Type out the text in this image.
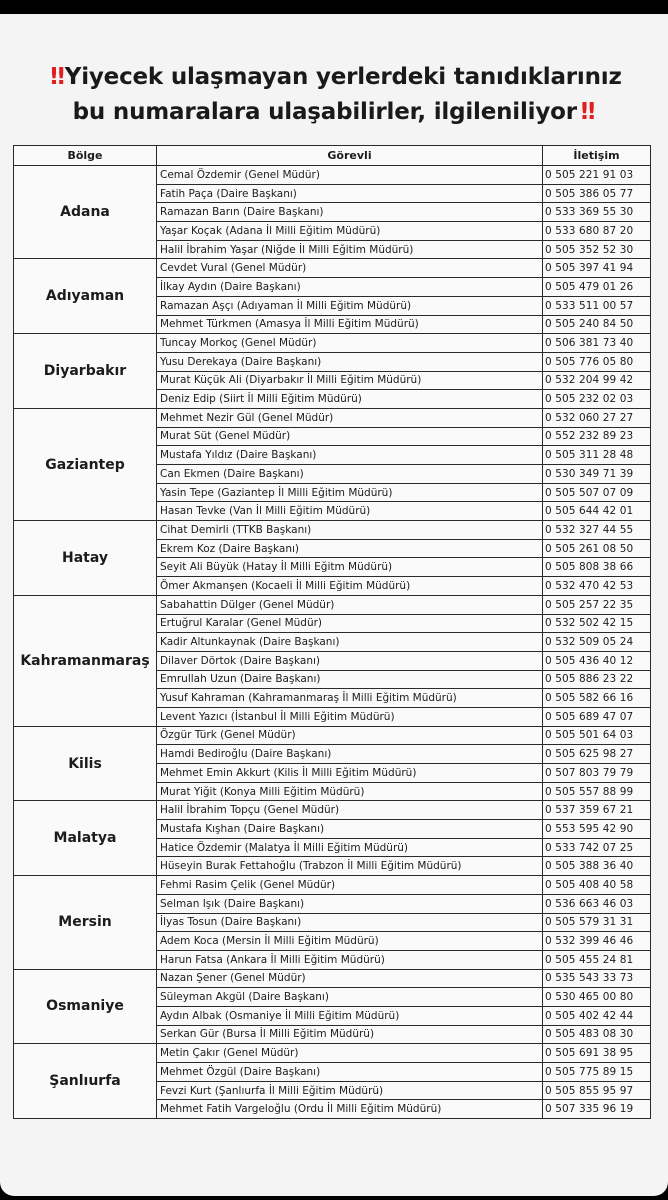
‼ Yiyecek ulaşmayan yerlerdeki tanıdıklarınız
bu numaralara ulaşabilirler, ilgileniliyor ‼
Bölge	Görevli	İletişim
Adana	Cemal Özdemir (Genel Müdür)	0 505 221 91 03
	Fatih Paça (Daire Başkanı)	0 505 386 05 77
	Ramazan Barın (Daire Başkanı)	0 533 369 55 30
	Yaşar Koçak (Adana İl Milli Eğitim Müdürü)	0 533 680 87 20
	Halil İbrahim Yaşar (Niğde İl Milli Eğitim Müdürü)	0 505 352 52 30
Adıyaman	Cevdet Vural (Genel Müdür)	0 505 397 41 94
	İlkay Aydın (Daire Başkanı)	0 505 479 01 26
	Ramazan Aşçı (Adıyaman İl Milli Eğitim Müdürü)	0 533 511 00 57
	Mehmet Türkmen (Amasya İl Milli Eğitim Müdürü)	0 505 240 84 50
Diyarbakır	Tuncay Morkoç (Genel Müdür)	0 506 381 73 40
	Yusu Derekaya (Daire Başkanı)	0 505 776 05 80
	Murat Küçük Ali (Diyarbakır İl Milli Eğitim Müdürü)	0 532 204 99 42
	Deniz Edip (Siirt İl Milli Eğitim Müdürü)	0 505 232 02 03
Gaziantep	Mehmet Nezir Gül (Genel Müdür)	0 532 060 27 27
	Murat Süt (Genel Müdür)	0 552 232 89 23
	Mustafa Yıldız (Daire Başkanı)	0 505 311 28 48
	Can Ekmen (Daire Başkanı)	0 530 349 71 39
	Yasin Tepe (Gaziantep İl Milli Eğitim Müdürü)	0 505 507 07 09
	Hasan Tevke (Van İl Milli Eğitim Müdürü)	0 505 644 42 01
Hatay	Cihat Demirli (TTKB Başkanı)	0 532 327 44 55
	Ekrem Koz (Daire Başkanı)	0 505 261 08 50
	Seyit Ali Büyük (Hatay İl Milli Eğitm Müdürü)	0 505 808 38 66
	Ömer Akmanşen (Kocaeli İl Milli Eğitim Müdürü)	0 532 470 42 53
Kahramanmaraş	Sabahattin Dülger (Genel Müdür)	0 505 257 22 35
	Ertuğrul Karalar (Genel Müdür)	0 532 502 42 15
	Kadir Altunkaynak (Daire Başkanı)	0 532 509 05 24
	Dilaver Dörtok (Daire Başkanı)	0 505 436 40 12
	Emrullah Uzun (Daire Başkanı)	0 505 886 23 22
	Yusuf Kahraman (Kahramanmaraş İl Milli Eğitim Müdürü)	0 505 582 66 16
	Levent Yazıcı (İstanbul İl Milli Eğitim Müdürü)	0 505 689 47 07
Kilis	Özgür Türk (Genel Müdür)	0 505 501 64 03
	Hamdi Bediroğlu (Daire Başkanı)	0 505 625 98 27
	Mehmet Emin Akkurt (Kilis İl Milli Eğitim Müdürü)	0 507 803 79 79
	Murat Yiğit (Konya Milli Eğitim Müdürü)	0 505 557 88 99
Malatya	Halil İbrahim Topçu (Genel Müdür)	0 537 359 67 21
	Mustafa Kışhan (Daire Başkanı)	0 553 595 42 90
	Hatice Özdemir (Malatya İl Milli Eğitim Müdürü)	0 533 742 07 25
	Hüseyin Burak Fettahoğlu (Trabzon İl Milli Eğitim Müdürü)	0 505 388 36 40
Mersin	Fehmi Rasim Çelik (Genel Müdür)	0 505 408 40 58
	Selman Işık (Daire Başkanı)	0 536 663 46 03
	İlyas Tosun (Daire Başkanı)	0 505 579 31 31
	Adem Koca (Mersin İl Milli Eğitim Müdürü)	0 532 399 46 46
	Harun Fatsa (Ankara İl Milli Eğitim Müdürü)	0 505 455 24 81
Osmaniye	Nazan Şener (Genel Müdür)	0 535 543 33 73
	Süleyman Akgül (Daire Başkanı)	0 530 465 00 80
	Aydın Albak (Osmaniye İl Milli Eğitim Müdürü)	0 505 402 42 44
	Serkan Gür (Bursa İl Milli Eğitim Müdürü)	0 505 483 08 30
Şanlıurfa	Metin Çakır (Genel Müdür)	0 505 691 38 95
	Mehmet Özgül (Daire Başkanı)	0 505 775 89 15
	Fevzi Kurt (Şanlıurfa İl Milli Eğitim Müdürü)	0 505 855 95 97
	Mehmet Fatih Vargeloğlu (Ordu İl Milli Eğitim Müdürü)	0 507 335 96 19
